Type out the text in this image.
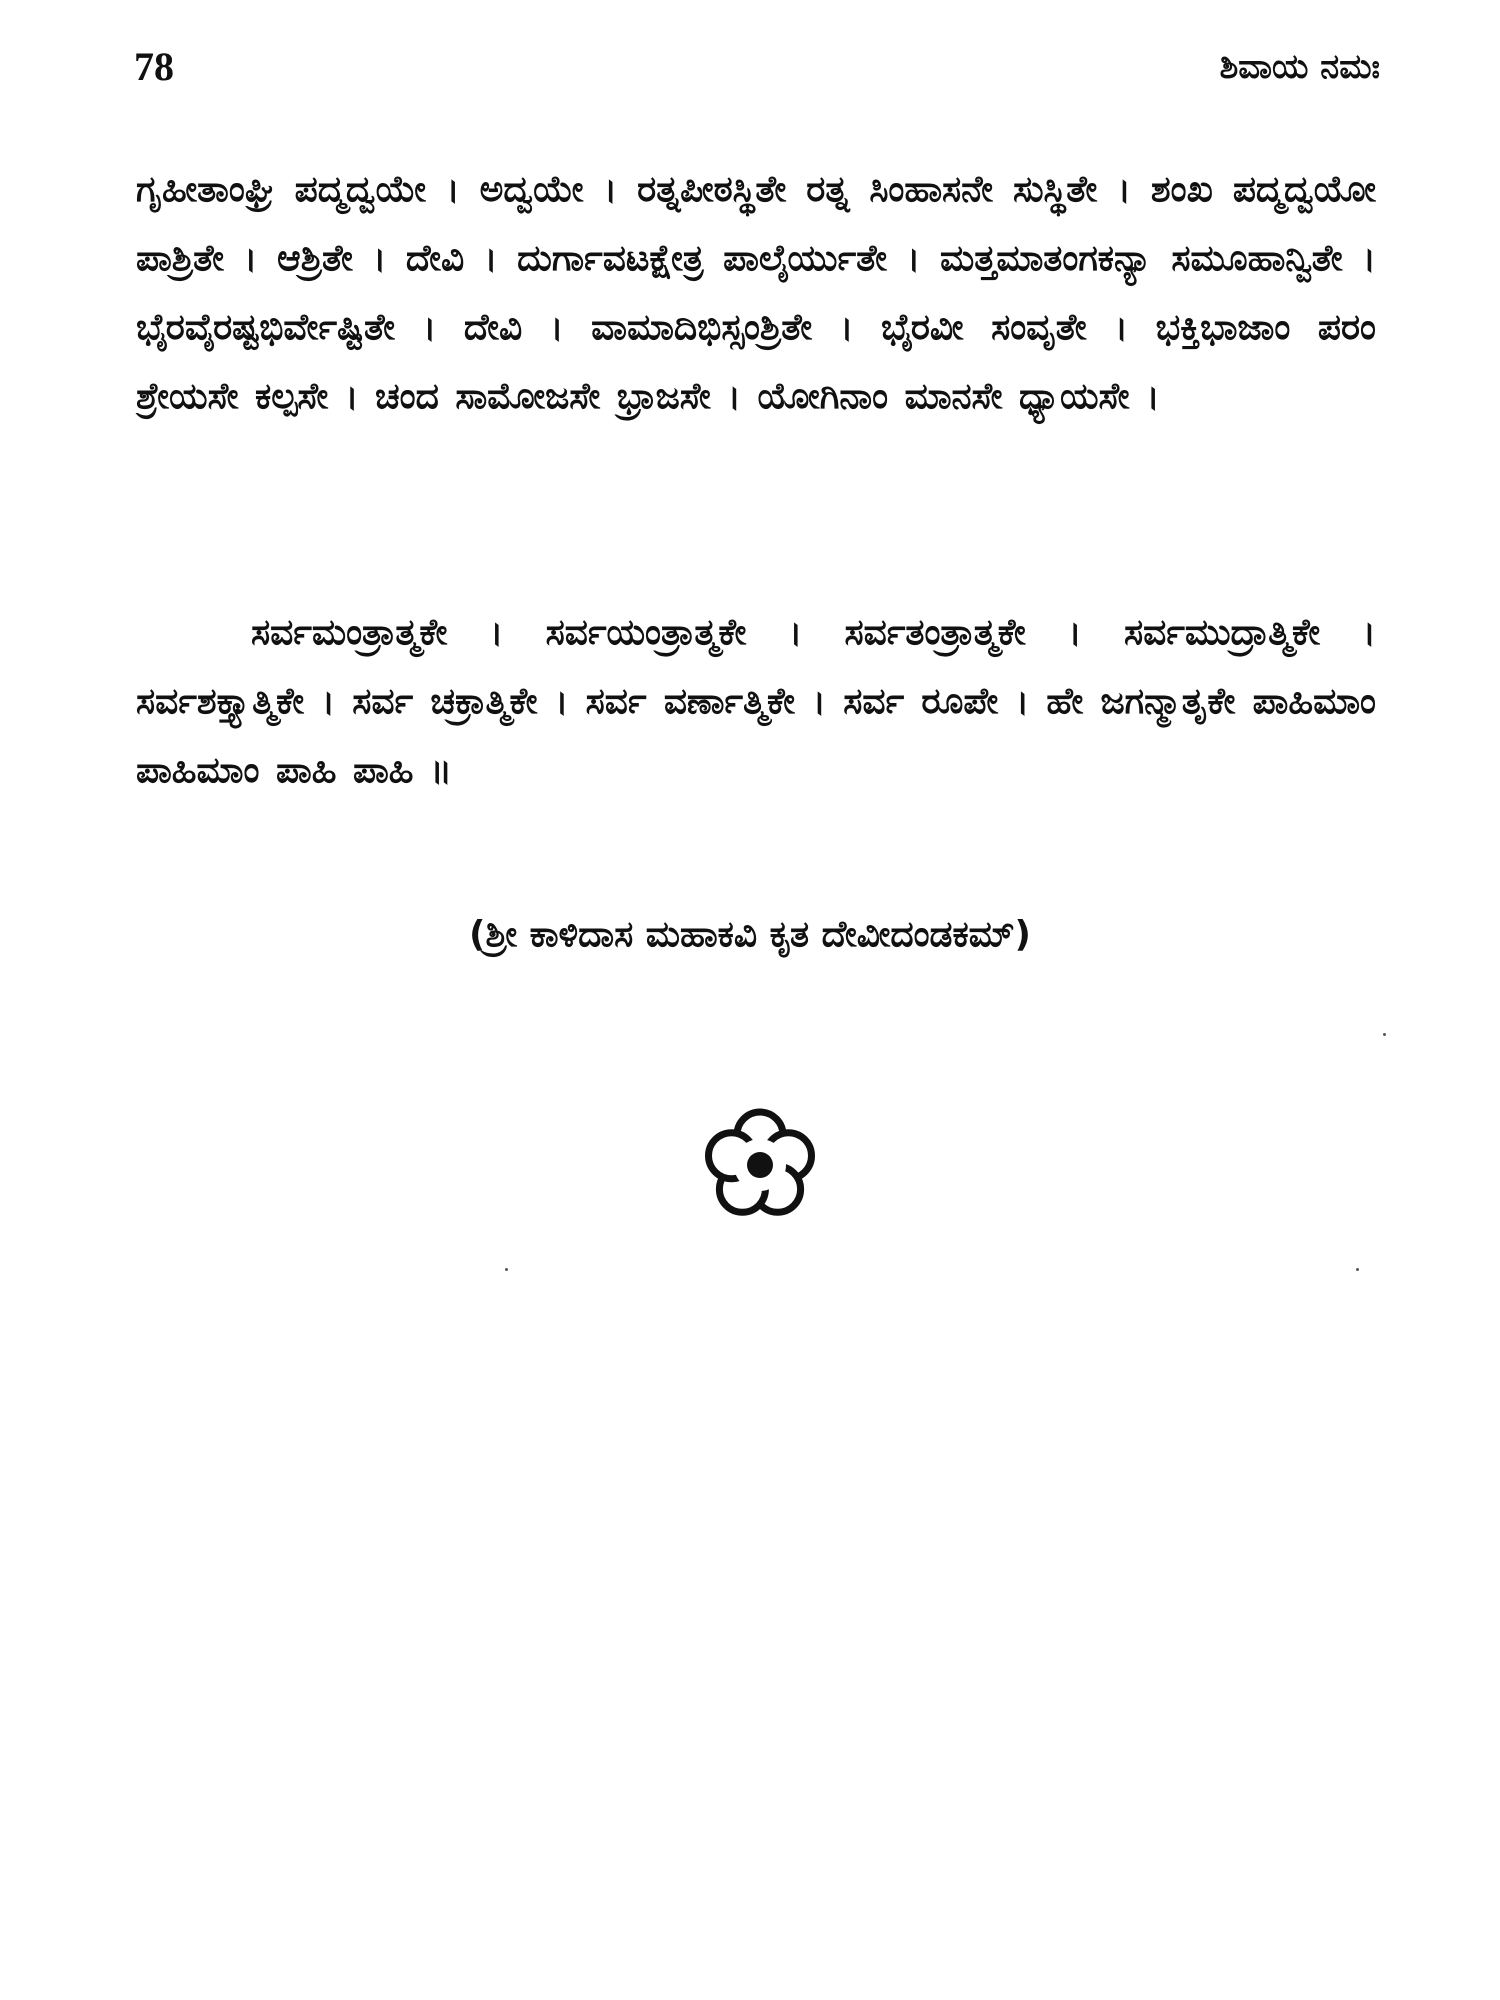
78	ಶಿವಾಯ ನಮಃ

ಗೃಹೀತಾಂಘ್ರಿ ಪದ್ಮದ್ವಯೇ । ಅದ್ವಯೇ । ರತ್ನಪೀಠಸ್ಥಿತೇ ರತ್ನ ಸಿಂಹಾಸನೇ ಸುಸ್ಥಿತೇ । ಶಂಖ ಪದ್ಮದ್ವಯೋ ಪಾಶ್ರಿತೇ । ಆಶ್ರಿತೇ । ದೇವಿ । ದುರ್ಗಾವಟಕ್ಷೇತ್ರ ಪಾಲೈರ್ಯುತೇ । ಮತ್ತಮಾತಂಗಕನ್ಯಾ ಸಮೂಹಾನ್ವಿತೇ । ಭೈರವೈರಷ್ಟಭಿರ್ವೇಷ್ಟಿತೇ । ದೇವಿ । ವಾಮಾದಿಭಿಸ್ಸಂಶ್ರಿತೇ । ಭೈರವೀ ಸಂವೃತೇ । ಭಕ್ತಿಭಾಜಾಂ ಪರಂ ಶ್ರೇಯಸೇ ಕಲ್ಪಸೇ । ಚಂದ ಸಾಮೋಜಸೇ ಭ್ರಾಜಸೇ । ಯೋಗಿನಾಂ ಮಾನಸೇ ಧ್ಯಾಯಸೇ ।

ಸರ್ವಮಂತ್ರಾತ್ಮಕೇ । ಸರ್ವಯಂತ್ರಾತ್ಮಕೇ । ಸರ್ವತಂತ್ರಾತ್ಮಕೇ । ಸರ್ವಮುದ್ರಾತ್ಮಿಕೇ । ಸರ್ವಶಕ್ತ್ಯಾತ್ಮಿಕೇ । ಸರ್ವ ಚಕ್ರಾತ್ಮಿಕೇ । ಸರ್ವ ವರ್ಣಾತ್ಮಿಕೇ । ಸರ್ವ ರೂಪೇ । ಹೇ ಜಗನ್ಮಾತೃಕೇ ಪಾಹಿಮಾಂ ಪಾಹಿಮಾಂ ಪಾಹಿ ಪಾಹಿ ॥

(ಶ್ರೀ ಕಾಳಿದಾಸ ಮಹಾಕವಿ ಕೃತ ದೇವೀದಂಡಕಮ್)
